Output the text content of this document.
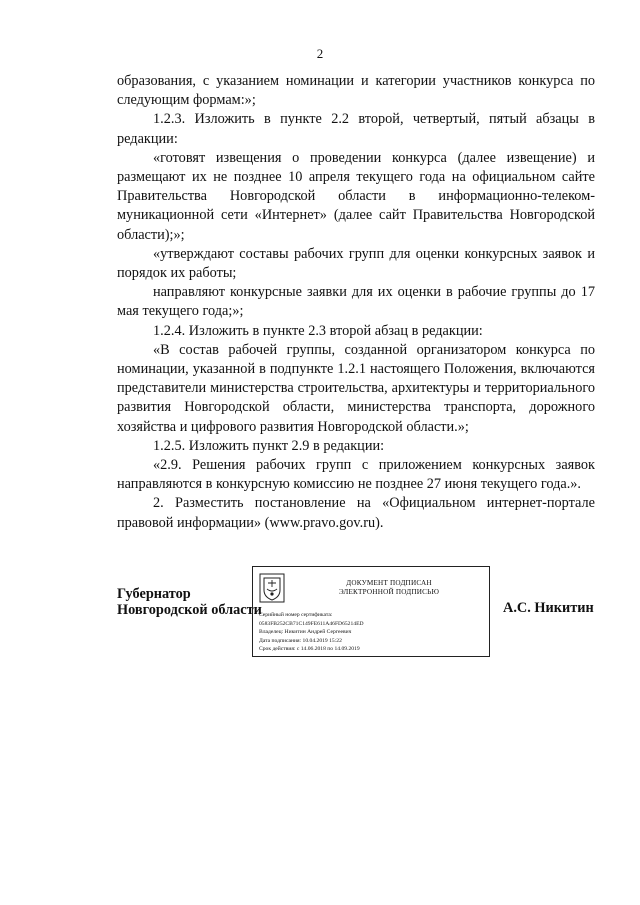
2

образования, с указанием номинации и категории участников конкурса по следующим формам:»;

1.2.3. Изложить в пункте 2.2 второй, четвертый, пятый абзацы в редакции:

«готовят извещения о проведении конкурса (далее извещение) и размещают их не позднее 10 апреля текущего года на официальном сайте Правительства Новгородской области в информационно-телеком-муникационной сети «Интернет» (далее сайт Правительства Новгородской области);»;

«утверждают составы рабочих групп для оценки конкурсных заявок и порядок их работы;

направляют конкурсные заявки для их оценки в рабочие группы до 17 мая текущего года;»;

1.2.4. Изложить в пункте 2.3 второй абзац в редакции:

«В состав рабочей группы, созданной организатором конкурса по номинации, указанной в подпункте 1.2.1 настоящего Положения, включаются представители министерства строительства, архитектуры и территориального развития Новгородской области, министерства транспорта, дорожного хозяйства и цифрового развития Новгородской области.»;

1.2.5. Изложить пункт 2.9 в редакции:

«2.9. Решения рабочих групп с приложением конкурсных заявок направляются в конкурсную комиссию не позднее 27 июня текущего года.».

2. Разместить постановление на «Официальном интернет-портале правовой информации» (www.pravo.gov.ru).

Губернатор
Новгородской области
ДОКУМЕНТ ПОДПИСАН
ЭЛЕКТРОННОЙ ПОДПИСЬЮ
Серийный номер сертификата:
0583FB252CB71C149FE611A46FD65214ED
Владелец: Никитин Андрей Сергеевич
Дата подписания: 10.04.2019 15:22
Срок действия: с 14.06.2018 по 14.09.2019
А.С. Никитин
